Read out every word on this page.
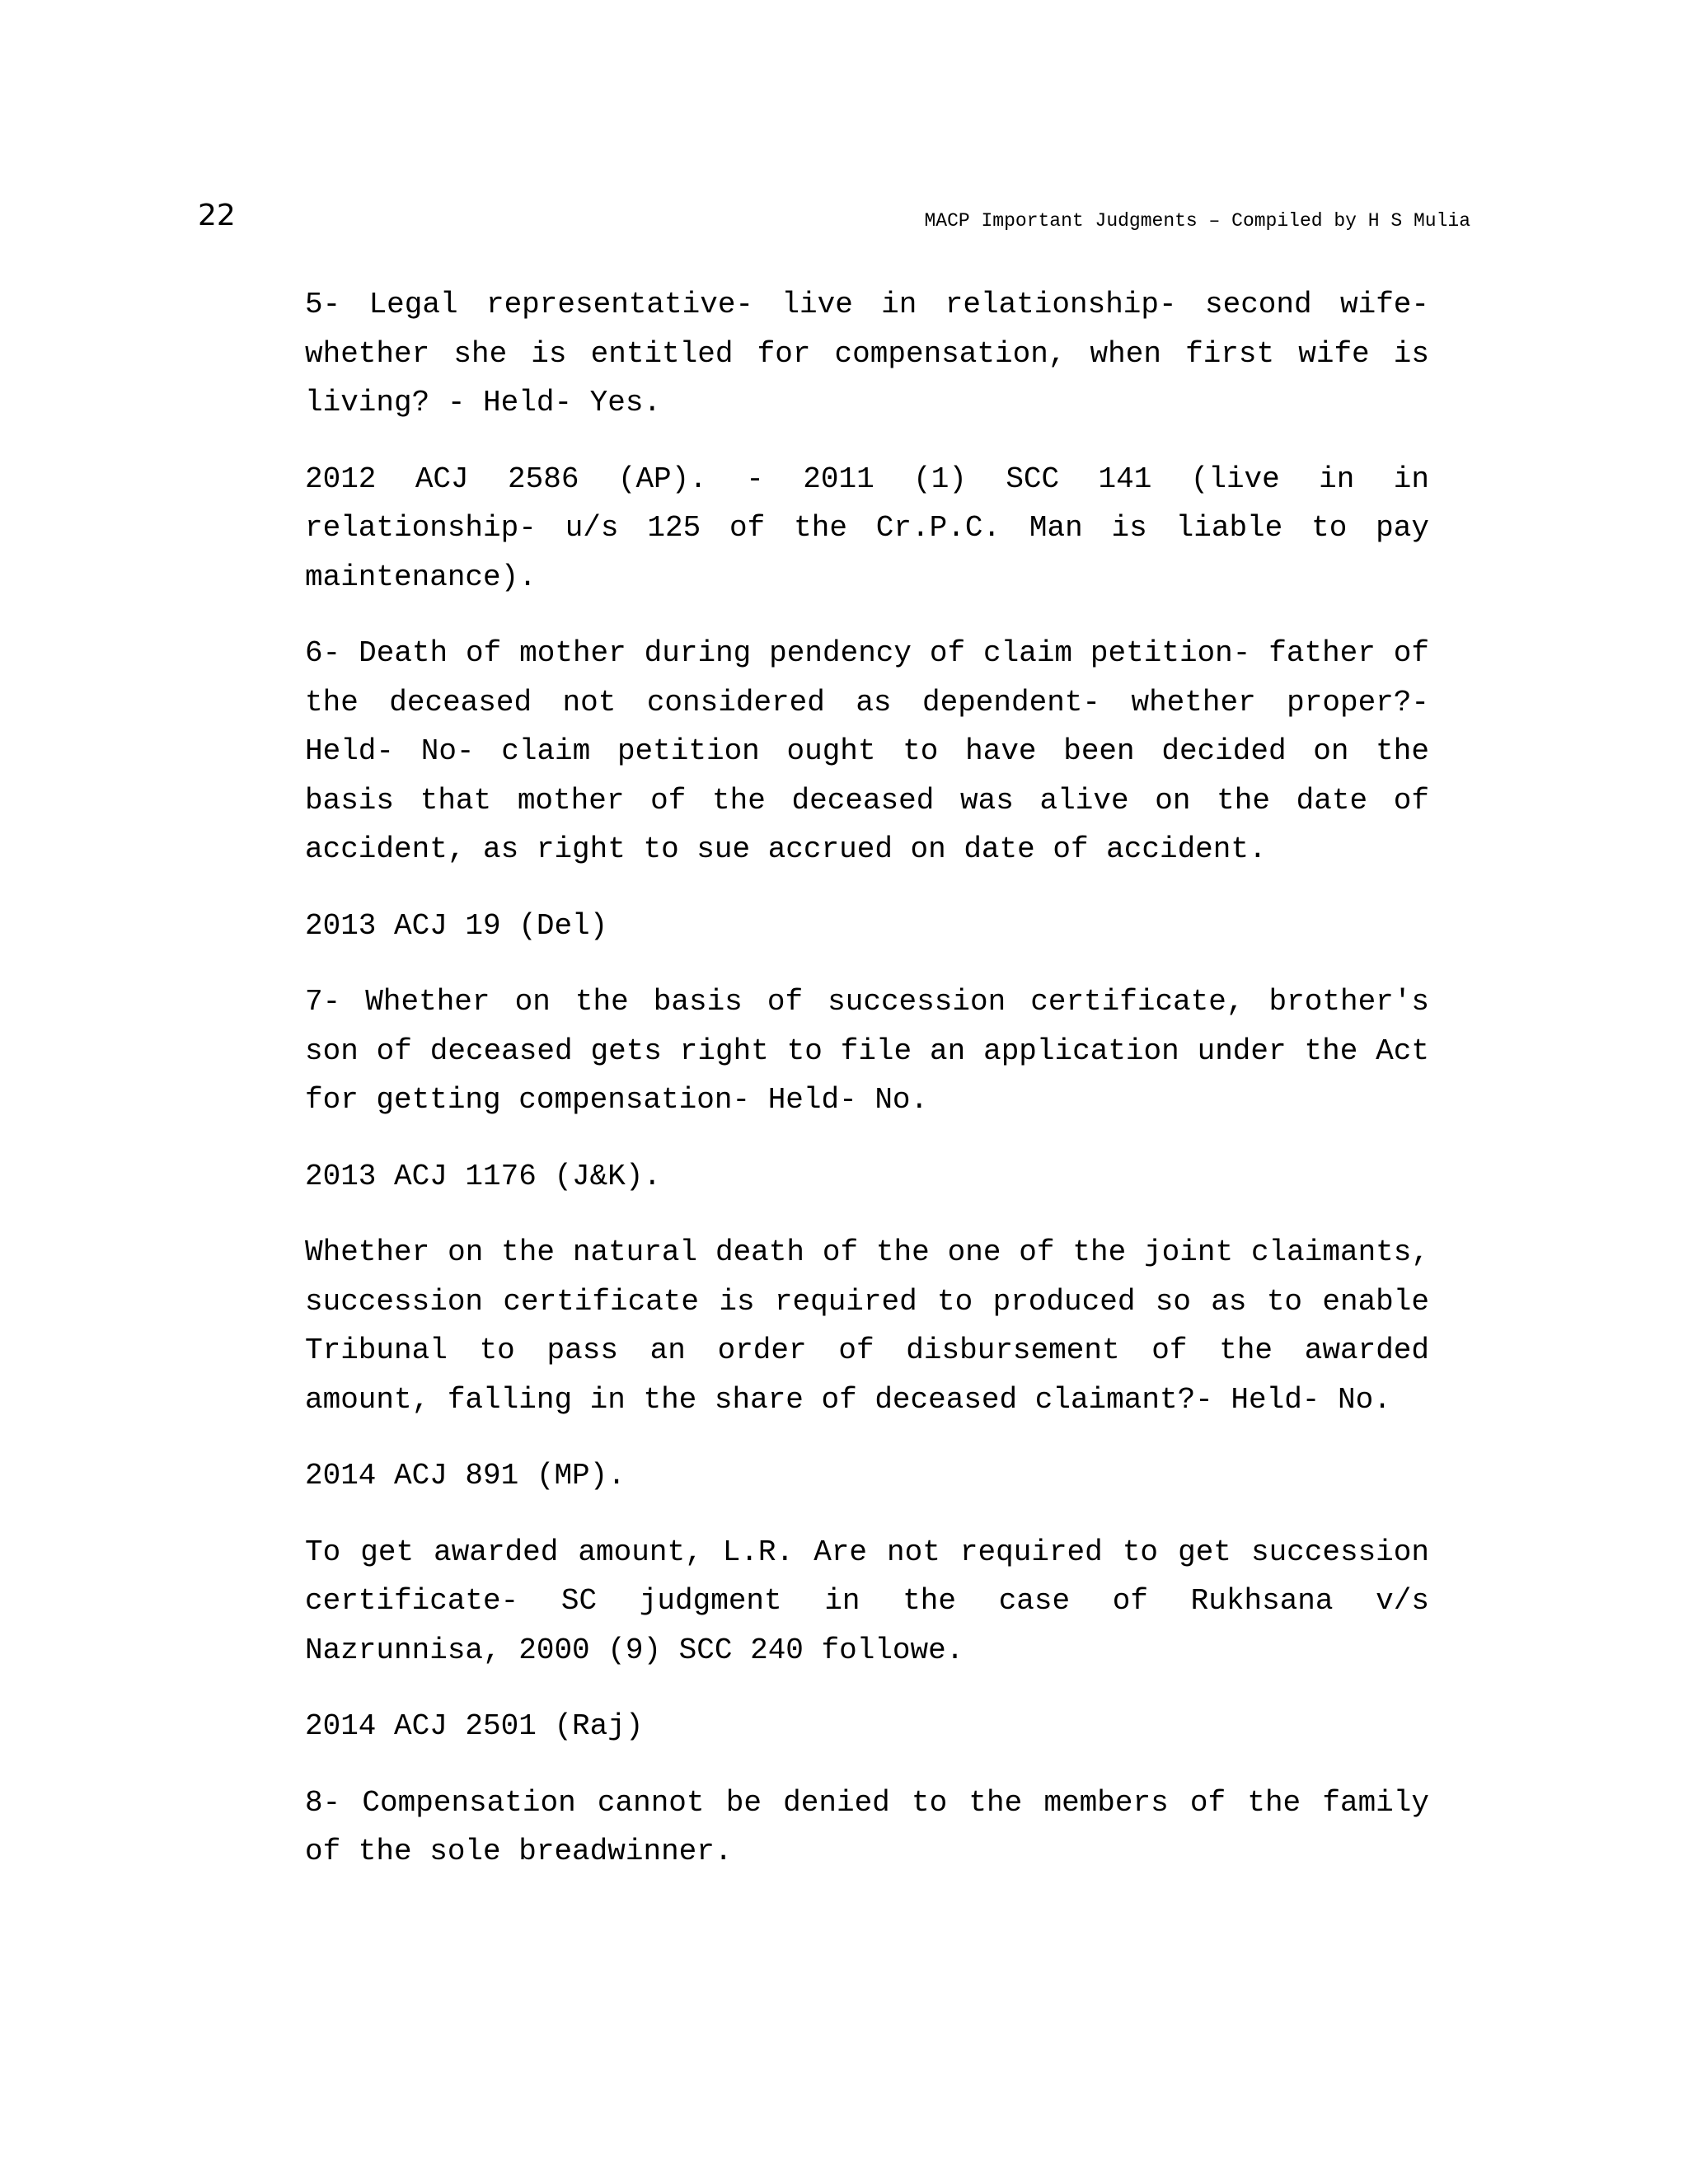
22	MACP Important Judgments – Compiled by H S Mulia

5- Legal representative- live in relationship- second wife- whether she is entitled for compensation, when first wife is living? - Held- Yes.

2012 ACJ 2586 (AP). - 2011 (1) SCC 141 (live in in relationship- u/s 125 of the Cr.P.C. Man is liable to pay maintenance).

6- Death of mother during pendency of claim petition- father of the deceased not considered as dependent- whether proper?- Held- No- claim petition ought to have been decided on the basis that mother of the deceased was alive on the date of accident, as right to sue accrued on date of accident.

2013 ACJ 19 (Del)

7- Whether on the basis of succession certificate, brother's son of deceased gets right to file an application under the Act for getting compensation- Held- No.

2013 ACJ 1176 (J&K).

Whether on the natural death of the one of the joint claimants, succession certificate is required to produced so as to enable Tribunal to pass an order of disbursement of the awarded amount, falling in the share of deceased claimant?- Held- No.

2014 ACJ 891 (MP).

To get awarded amount, L.R. Are not required to get succession certificate- SC judgment in the case of Rukhsana v/s Nazrunnisa, 2000 (9) SCC 240 followe.

2014 ACJ 2501 (Raj)

8- Compensation cannot be denied to the members of the family of the sole breadwinner.
